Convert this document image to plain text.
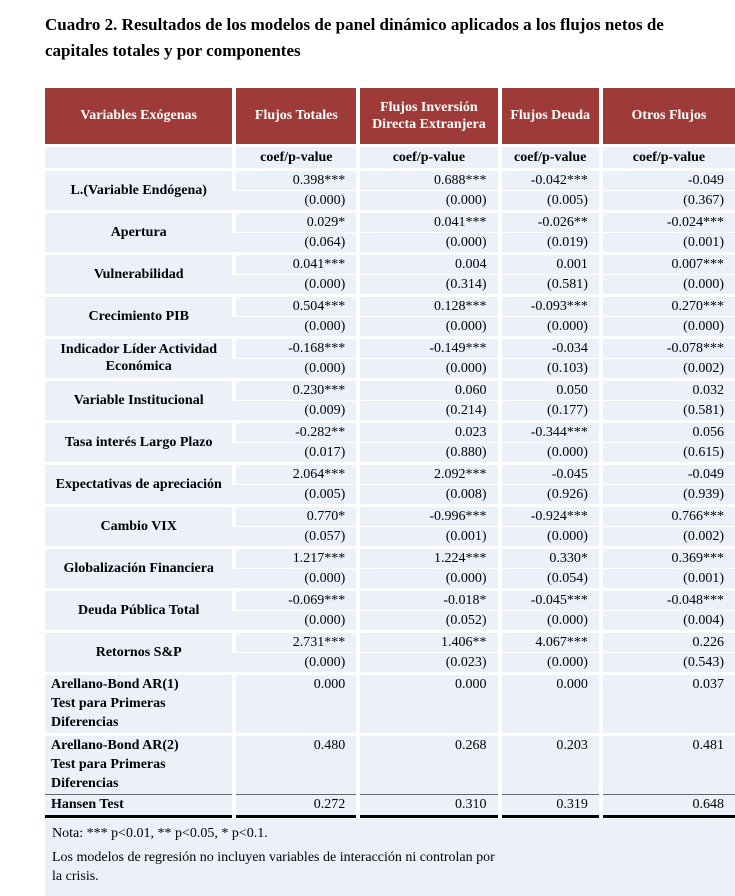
Cuadro 2. Resultados de los modelos de panel dinámico aplicados a los flujos netos de capitales totales y por componentes
Variables Exógenas	Flujos Totales	Flujos Inversión Directa Extranjera	Flujos Deuda	Otros Flujos
	coef/p-value	coef/p-value	coef/p-value	coef/p-value
L.(Variable Endógena)	0.398***	0.688***	-0.042***	-0.049
	(0.000)	(0.000)	(0.005)	(0.367)
Apertura	0.029*	0.041***	-0.026**	-0.024***
	(0.064)	(0.000)	(0.019)	(0.001)
Vulnerabilidad	0.041***	0.004	0.001	0.007***
	(0.000)	(0.314)	(0.581)	(0.000)
Crecimiento PIB	0.504***	0.128***	-0.093***	0.270***
	(0.000)	(0.000)	(0.000)	(0.000)
Indicador Líder Actividad Económica	-0.168***	-0.149***	-0.034	-0.078***
	(0.000)	(0.000)	(0.103)	(0.002)
Variable Institucional	0.230***	0.060	0.050	0.032
	(0.009)	(0.214)	(0.177)	(0.581)
Tasa interés Largo Plazo	-0.282**	0.023	-0.344***	0.056
	(0.017)	(0.880)	(0.000)	(0.615)
Expectativas de apreciación	2.064***	2.092***	-0.045	-0.049
	(0.005)	(0.008)	(0.926)	(0.939)
Cambio VIX	0.770*	-0.996***	-0.924***	0.766***
	(0.057)	(0.001)	(0.000)	(0.002)
Globalización Financiera	1.217***	1.224***	0.330*	0.369***
	(0.000)	(0.000)	(0.054)	(0.001)
Deuda Pública Total	-0.069***	-0.018*	-0.045***	-0.048***
	(0.000)	(0.052)	(0.000)	(0.004)
Retornos S&P	2.731***	1.406**	4.067***	0.226
	(0.000)	(0.023)	(0.000)	(0.543)
Arellano-Bond AR(1) Test para Primeras Diferencias	0.000	0.000	0.000	0.037
Arellano-Bond AR(2) Test para Primeras Diferencias	0.480	0.268	0.203	0.481
Hansen Test	0.272	0.310	0.319	0.648

Nota: *** p<0.01, ** p<0.05, * p<0.1.

Los modelos de regresión no incluyen variables de interacción ni controlan por la crisis.
